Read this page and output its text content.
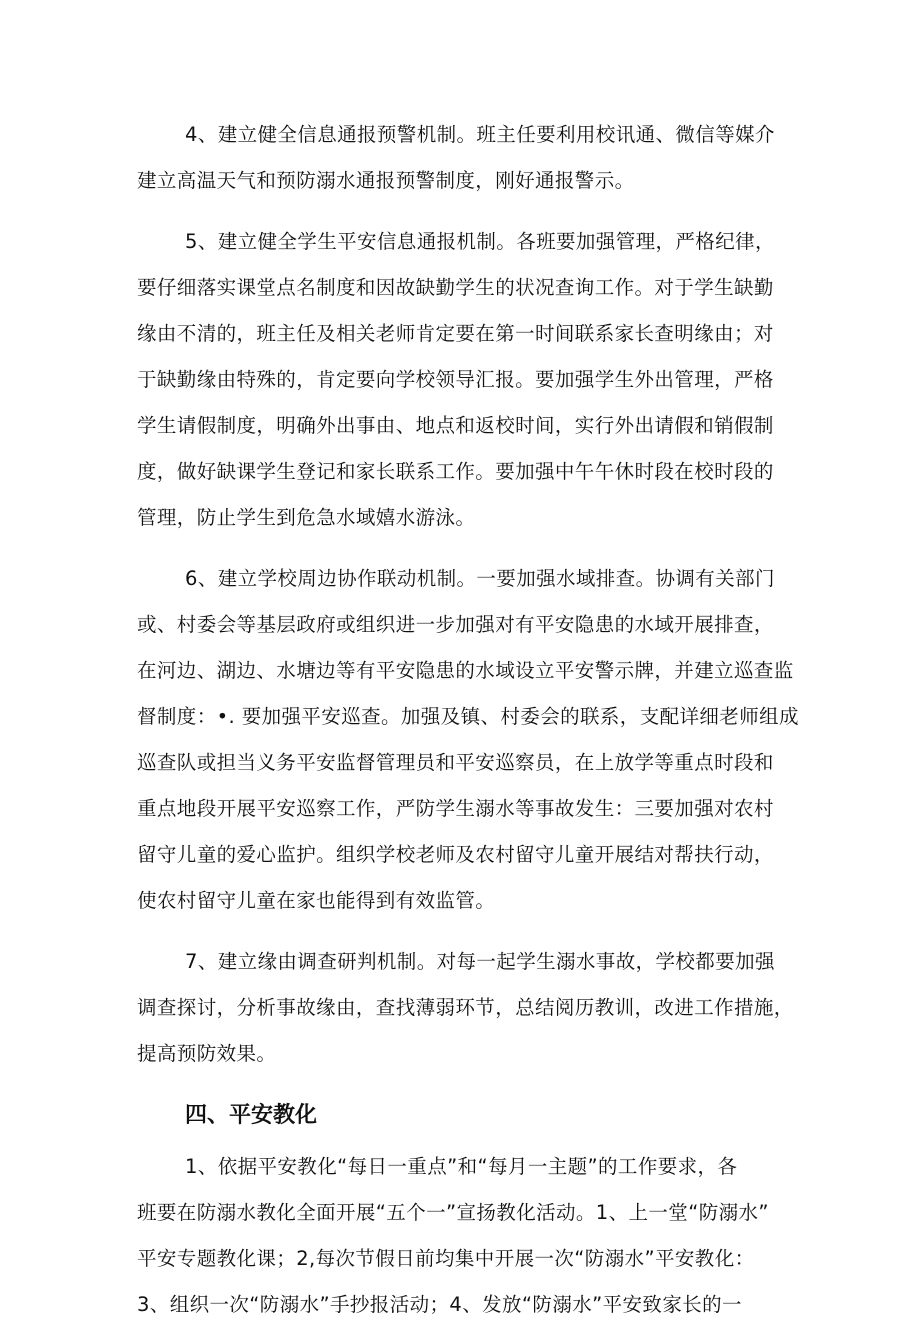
4、建立健全信息通报预警机制。班主任要利用校讯通、微信等媒介

建立高温天气和预防溺水通报预警制度，刚好通报警示。

5、建立健全学生平安信息通报机制。各班要加强管理，严格纪律，

要仔细落实课堂点名制度和因故缺勤学生的状况查询工作。对于学生缺勤

缘由不清的，班主任及相关老师肯定要在第一时间联系家长查明缘由；对

于缺勤缘由特殊的，肯定要向学校领导汇报。要加强学生外出管理，严格

学生请假制度，明确外出事由、地点和返校时间，实行外出请假和销假制

度，做好缺课学生登记和家长联系工作。要加强中午午休时段在校时段的

管理，防止学生到危急水域嬉水游泳。

6、建立学校周边协作联动机制。一要加强水域排查。协调有关部门

或、村委会等基层政府或组织进一步加强对有平安隐患的水域开展排查，

在河边、湖边、水塘边等有平安隐患的水域设立平安警示牌，并建立巡查监

督制度：•. 要加强平安巡查。加强及镇、村委会的联系，支配详细老师组成

巡查队或担当义务平安监督管理员和平安巡察员，在上放学等重点时段和

重点地段开展平安巡察工作，严防学生溺水等事故发生：三要加强对农村

留守儿童的爱心监护。组织学校老师及农村留守儿童开展结对帮扶行动，

使农村留守儿童在家也能得到有效监管。

7、建立缘由调查研判机制。对每一起学生溺水事故，学校都要加强

调查探讨，分析事故缘由，查找薄弱环节，总结阅历教训，改进工作措施，

提高预防效果。

四、平安教化

1、依据平安教化“每日一重点”和“每月一主题”的工作要求，各

班要在防溺水教化全面开展“五个一”宣扬教化活动。1、上一堂“防溺水”

平安专题教化课；2,每次节假日前均集中开展一次“防溺水”平安教化：

3、组织一次“防溺水”手抄报活动；4、发放“防溺水”平安致家长的一
